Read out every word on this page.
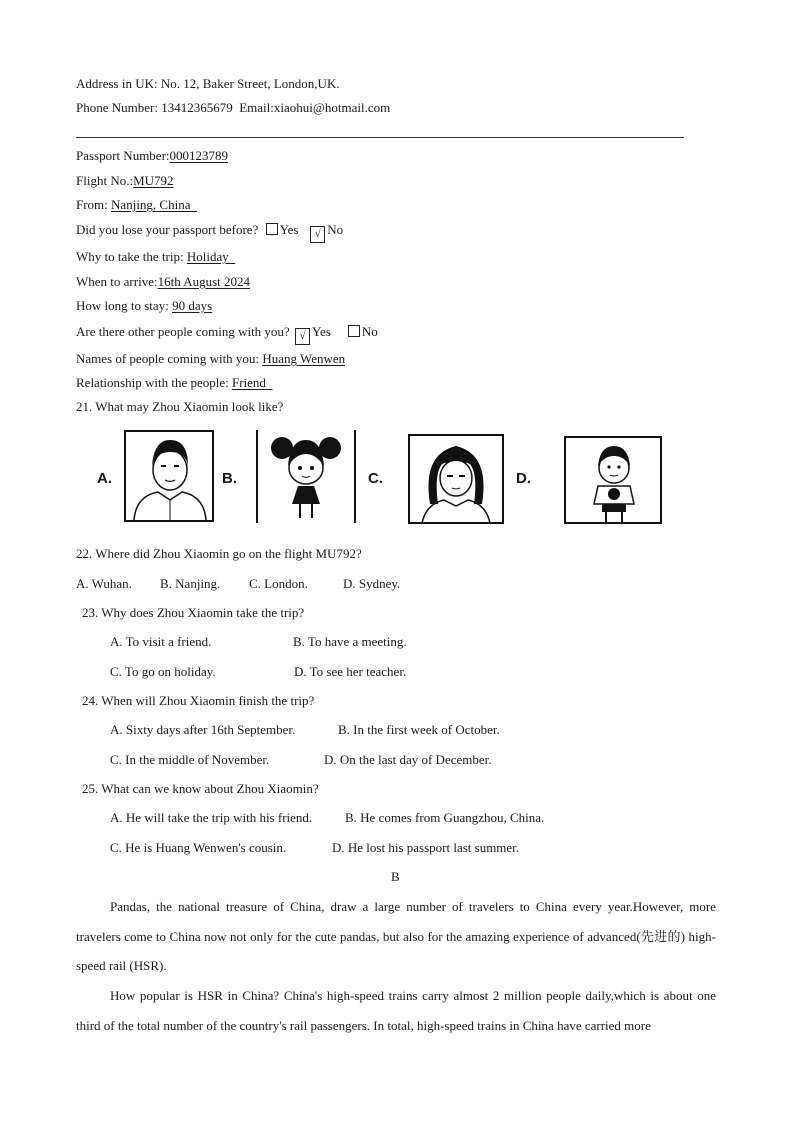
Address in UK: No. 12, Baker Street, London,UK.
Phone Number: 13412365679 Email:xiaohui@hotmail.com
Passport Number:000123789
Flight No.:MU792
From: Nanjing, China
Did you lose your passport before? Yes √ No
Why to take the trip: Holiday
When to arrive:16th August 2024
How long to stay: 90 days
Are there other people coming with you? √ Yes No
Names of people coming with you: Huang Wenwen
Relationship with the people: Friend
21. What may Zhou Xiaomin look like?
A.	B.	C.	D.
22. Where did Zhou Xiaomin go on the flight MU792?
A. Wuhan. B. Nanjing. C. London.	D. Sydney.
23. Why does Zhou Xiaomin take the trip?
A. To visit a friend.	B. To have a meeting.
C. To go on holiday.	D. To see her teacher.
24. When will Zhou Xiaomin finish the trip?
A. Sixty days after 16th September.	B. In the first week of October.
C. In the middle of November.	D. On the last day of December.
25. What can we know about Zhou Xiaomin?
A. He will take the trip with his friend.	B. He comes from Guangzhou, China.
C. He is Huang Wenwen's cousin.	D. He lost his passport last summer.
B
Pandas, the national treasure of China, draw a large number of travelers to China every year.However, more travelers come to China now not only for the cute pandas, but also for the amazing experience of advanced(先进的) high-speed rail (HSR).
How popular is HSR in China? China's high-speed trains carry almost 2 million people daily,which is about one third of the total number of the country's rail passengers. In total, high-speed trains in China have carried more
